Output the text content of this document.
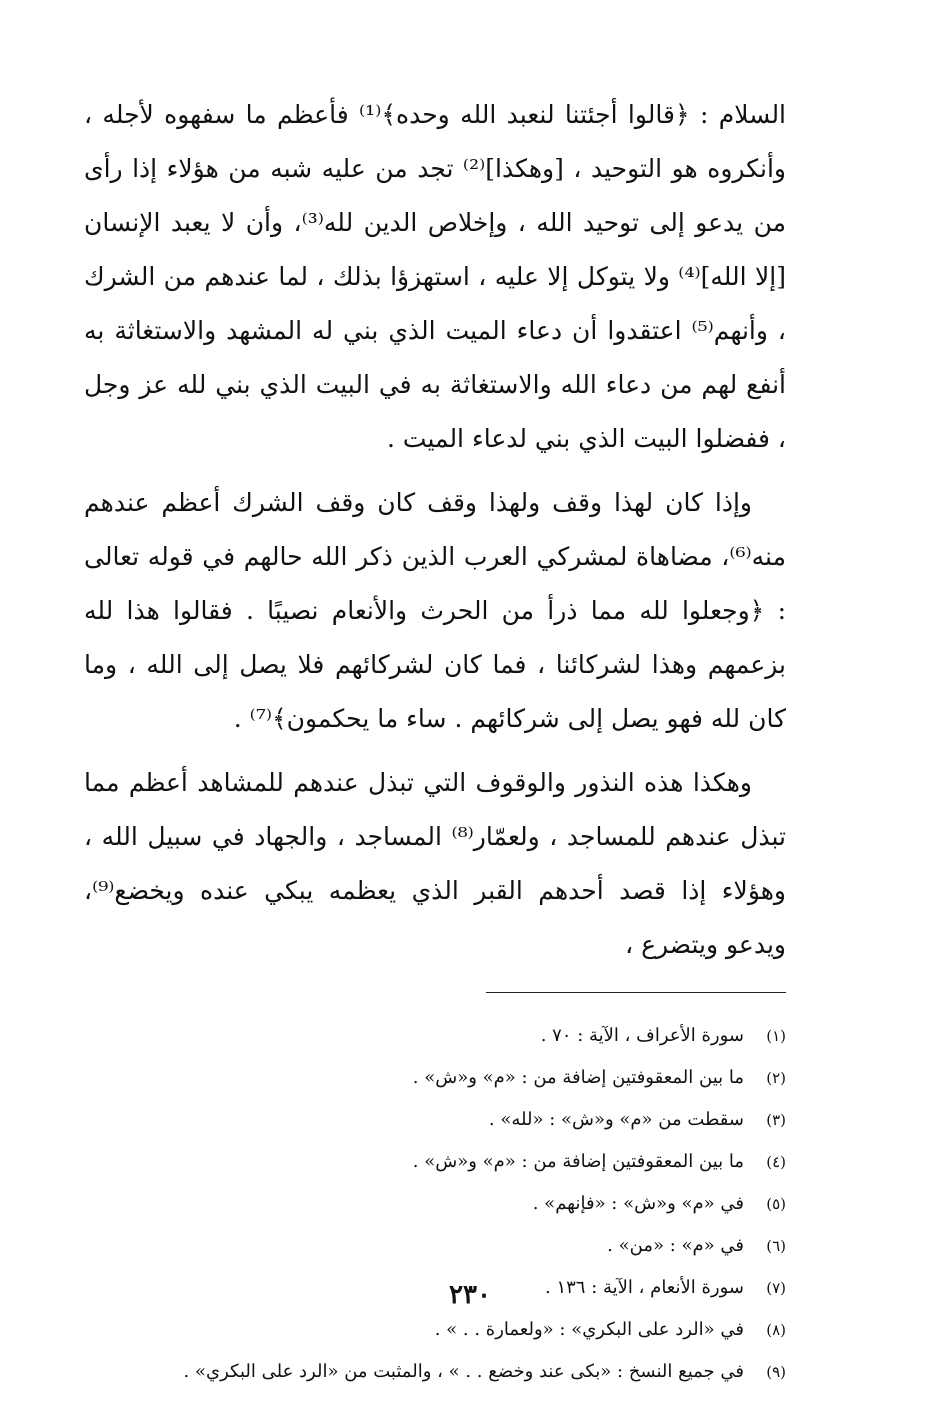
السلام : ﴿قالوا أجئتنا لنعبد الله وحده﴾⁽¹⁾ فأعظم ما سفهوه لأجله ، وأنكروه هو التوحيد ، [وهكذا]⁽²⁾ تجد من عليه شبه من هؤلاء إذا رأى من يدعو إلى توحيد الله ، وإخلاص الدين لله⁽³⁾، وأن لا يعبد الإنسان [إلا الله]⁽⁴⁾ ولا يتوكل إلا عليه ، استهزؤا بذلك ، لما عندهم من الشرك ، وأنهم⁽⁵⁾ اعتقدوا أن دعاء الميت الذي بني له المشهد والاستغاثة به أنفع لهم من دعاء الله والاستغاثة به في البيت الذي بني لله عز وجل ، ففضلوا البيت الذي بني لدعاء الميت .

وإذا كان لهذا وقف ولهذا وقف كان وقف الشرك أعظم عندهم منه⁽⁶⁾، مضاهاة لمشركي العرب الذين ذكر الله حالهم في قوله تعالى : ﴿وجعلوا لله مما ذرأ من الحرث والأنعام نصيبًا . فقالوا هذا لله بزعمهم وهذا لشركائنا ، فما كان لشركائهم فلا يصل إلى الله ، وما كان لله فهو يصل إلى شركائهم . ساء ما يحكمون﴾⁽⁷⁾ .

وهكذا هذه النذور والوقوف التي تبذل عندهم للمشاهد أعظم مما تبذل عندهم للمساجد ، ولعمّار⁽⁸⁾ المساجد ، والجهاد في سبيل الله ، وهؤلاء إذا قصد أحدهم القبر الذي يعظمه يبكي عنده ويخضع⁽⁹⁾، ويدعو ويتضرع ،

(١)
سورة الأعراف ، الآية : ٧٠ .
(٢)
ما بين المعقوفتين إضافة من : «م» و«ش» .
(٣)
سقطت من «م» و«ش» : «لله» .
(٤)
ما بين المعقوفتين إضافة من : «م» و«ش» .
(٥)
في «م» و«ش» : «فإنهم» .
(٦)
في «م» : «من» .
(٧)
سورة الأنعام ، الآية : ١٣٦ .
(٨)
في «الرد على البكري» : «ولعمارة . . » .
(٩)
في جميع النسخ : «بكى عند وخضع . . » ، والمثبت من «الرد على البكري» .
٢٣٠
